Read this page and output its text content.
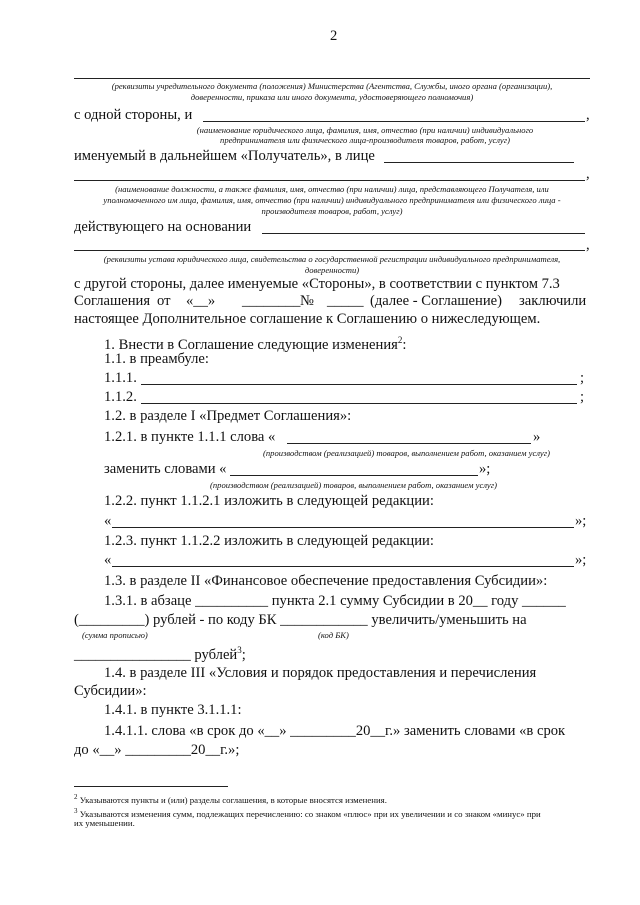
2
(реквизиты учредительного документа (положения) Министерства (Агентства, Службы, иного органа (организации),
доверенности, приказа или иного документа, удостоверяющего полномочия)
с одной стороны, и	,
(наименование юридического лица, фамилия, имя, отчество (при наличии) индивидуального
предпринимателя или физического лица-производителя товаров, работ, услуг)
именуемый в дальнейшем «Получатель», в лице
,
(наименование должности, а также фамилия, имя, отчество (при наличии) лица, представляющего Получателя, или
уполномоченного им лица, фамилия, имя, отчество (при наличии) индивидуального предпринимателя или физического лица -
производителя товаров, работ, услуг)
действующего на основании
,
(реквизиты устава юридического лица, свидетельства о государственной регистрации индивидуального предпринимателя,
доверенности)
с другой стороны, далее именуемые «Стороны», в соответствии с пунктом 7.3
Соглашения от «__» ________ № _____ (далее - Соглашение) заключили
настоящее Дополнительное соглашение к Соглашению о нижеследующем.
1. Внести в Соглашение следующие изменения$^2$:
1.1. в преамбуле:
1.1.1.	;
1.1.2.	;
1.2. в разделе I «Предмет Соглашения»:
1.2.1. в пункте 1.1.1 слова «	»
(производством (реализацией) товаров, выполнением работ, оказанием услуг)
заменить словами «	»;
(производством (реализацией) товаров, выполнением работ, оказанием услуг)
1.2.2. пункт 1.1.2.1 изложить в следующей редакции:
«	»;
1.2.3. пункт 1.1.2.2 изложить в следующей редакции:
«	»;
1.3. в разделе II «Финансовое обеспечение предоставления Субсидии»:
1.3.1. в абзаце __________ пункта 2.1 сумму Субсидии в 20__ году ______
(_________) рублей - по коду БК ____________ увеличить/уменьшить на
(сумма прописью)	(код БК)
________________ рублей$^3$;
1.4. в разделе III «Условия и порядок предоставления и перечисления
Субсидии»:
1.4.1. в пункте 3.1.1.1:
1.4.1.1. слова «в срок до «__» _________20__г.» заменить словами «в срок
до «__» _________20__г.»;
$^2$ Указываются пункты и (или) разделы соглашения, в которые вносятся изменения.
$^3$ Указываются изменения сумм, подлежащих перечислению: со знаком «плюс» при их увеличении и со знаком «минус» при
их уменьшении.
